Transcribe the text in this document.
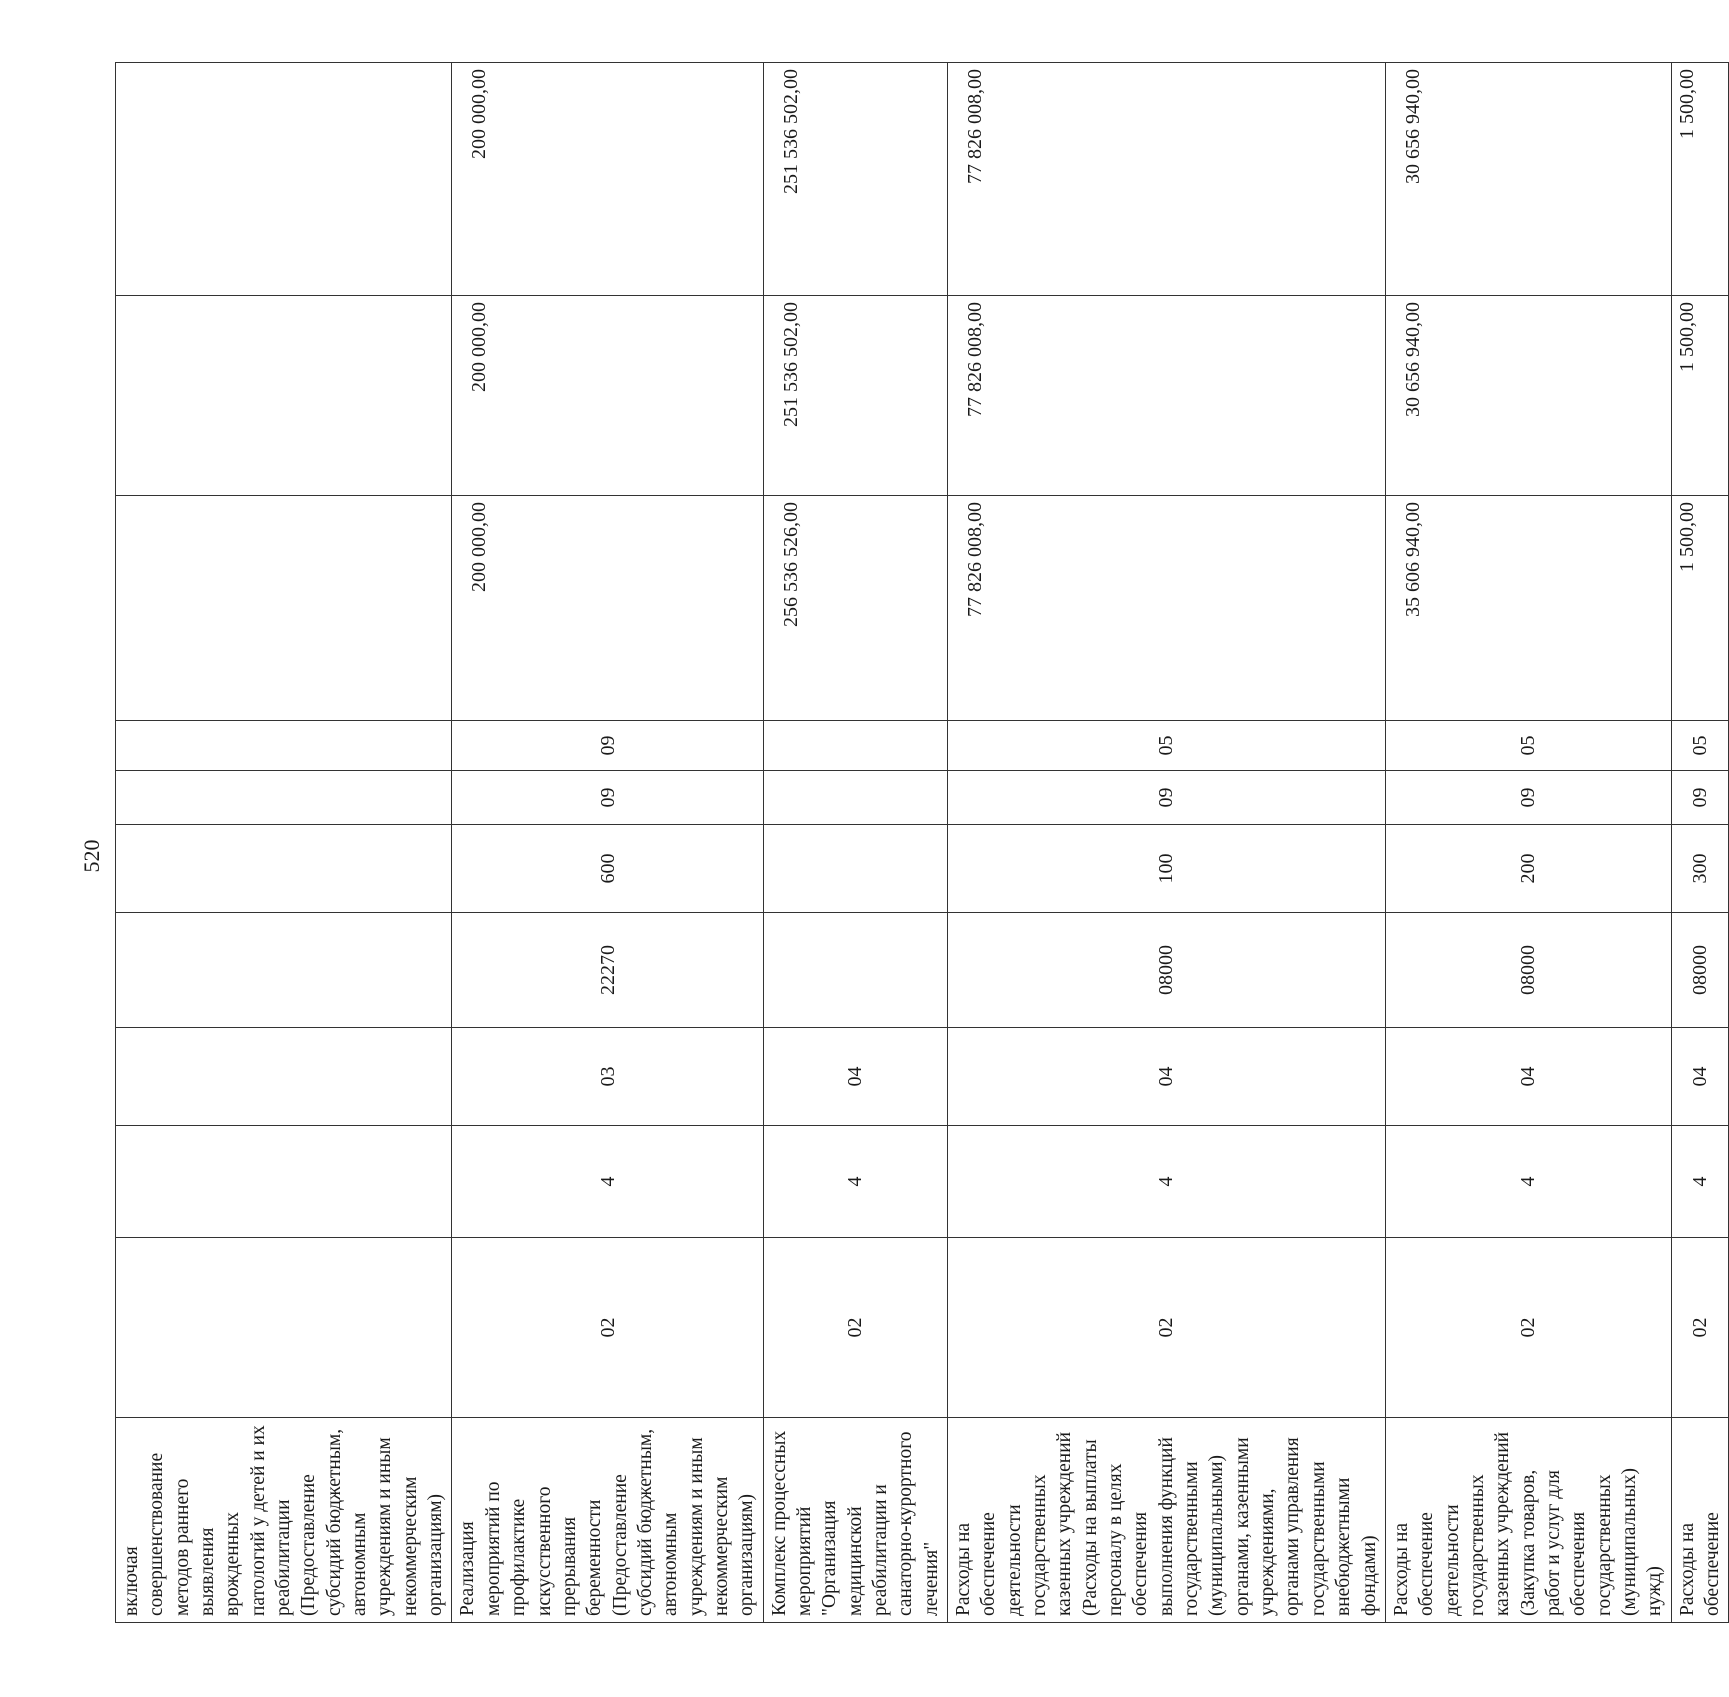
520
включая совершенствование методов раннего выявления врожденных патологий у детей и их реабилитации (Предоставление субсидий бюджетным, автономным учреждениям и иным некоммерческим организациям)										
Реализация мероприятий по профилактике искусственного прерывания беременности (Предоставление субсидий бюджетным, автономным учреждениям и иным некоммерческим организациям)	02	4	03	22270	600	09	09	200 000,00	200 000,00	200 000,00
Комплекс процессных мероприятий "Организация медицинской реабилитации и санаторно-курортного лечения"	02	4	04					256 536 526,00	251 536 502,00	251 536 502,00
Расходы на обеспечение деятельности государственных казенных учреждений (Расходы на выплаты персоналу в целях обеспечения выполнения функций государственными (муниципальными) органами, казенными учреждениями, органами управления государственными внебюджетными фондами)	02	4	04	08000	100	09	05	77 826 008,00	77 826 008,00	77 826 008,00
Расходы на обеспечение деятельности государственных казенных учреждений (Закупка товаров, работ и услуг для обеспечения государственных (муниципальных) нужд)	02	4	04	08000	200	09	05	35 606 940,00	30 656 940,00	30 656 940,00
Расходы на обеспечение	02	4	04	08000	300	09	05	1 500,00	1 500,00	1 500,00
